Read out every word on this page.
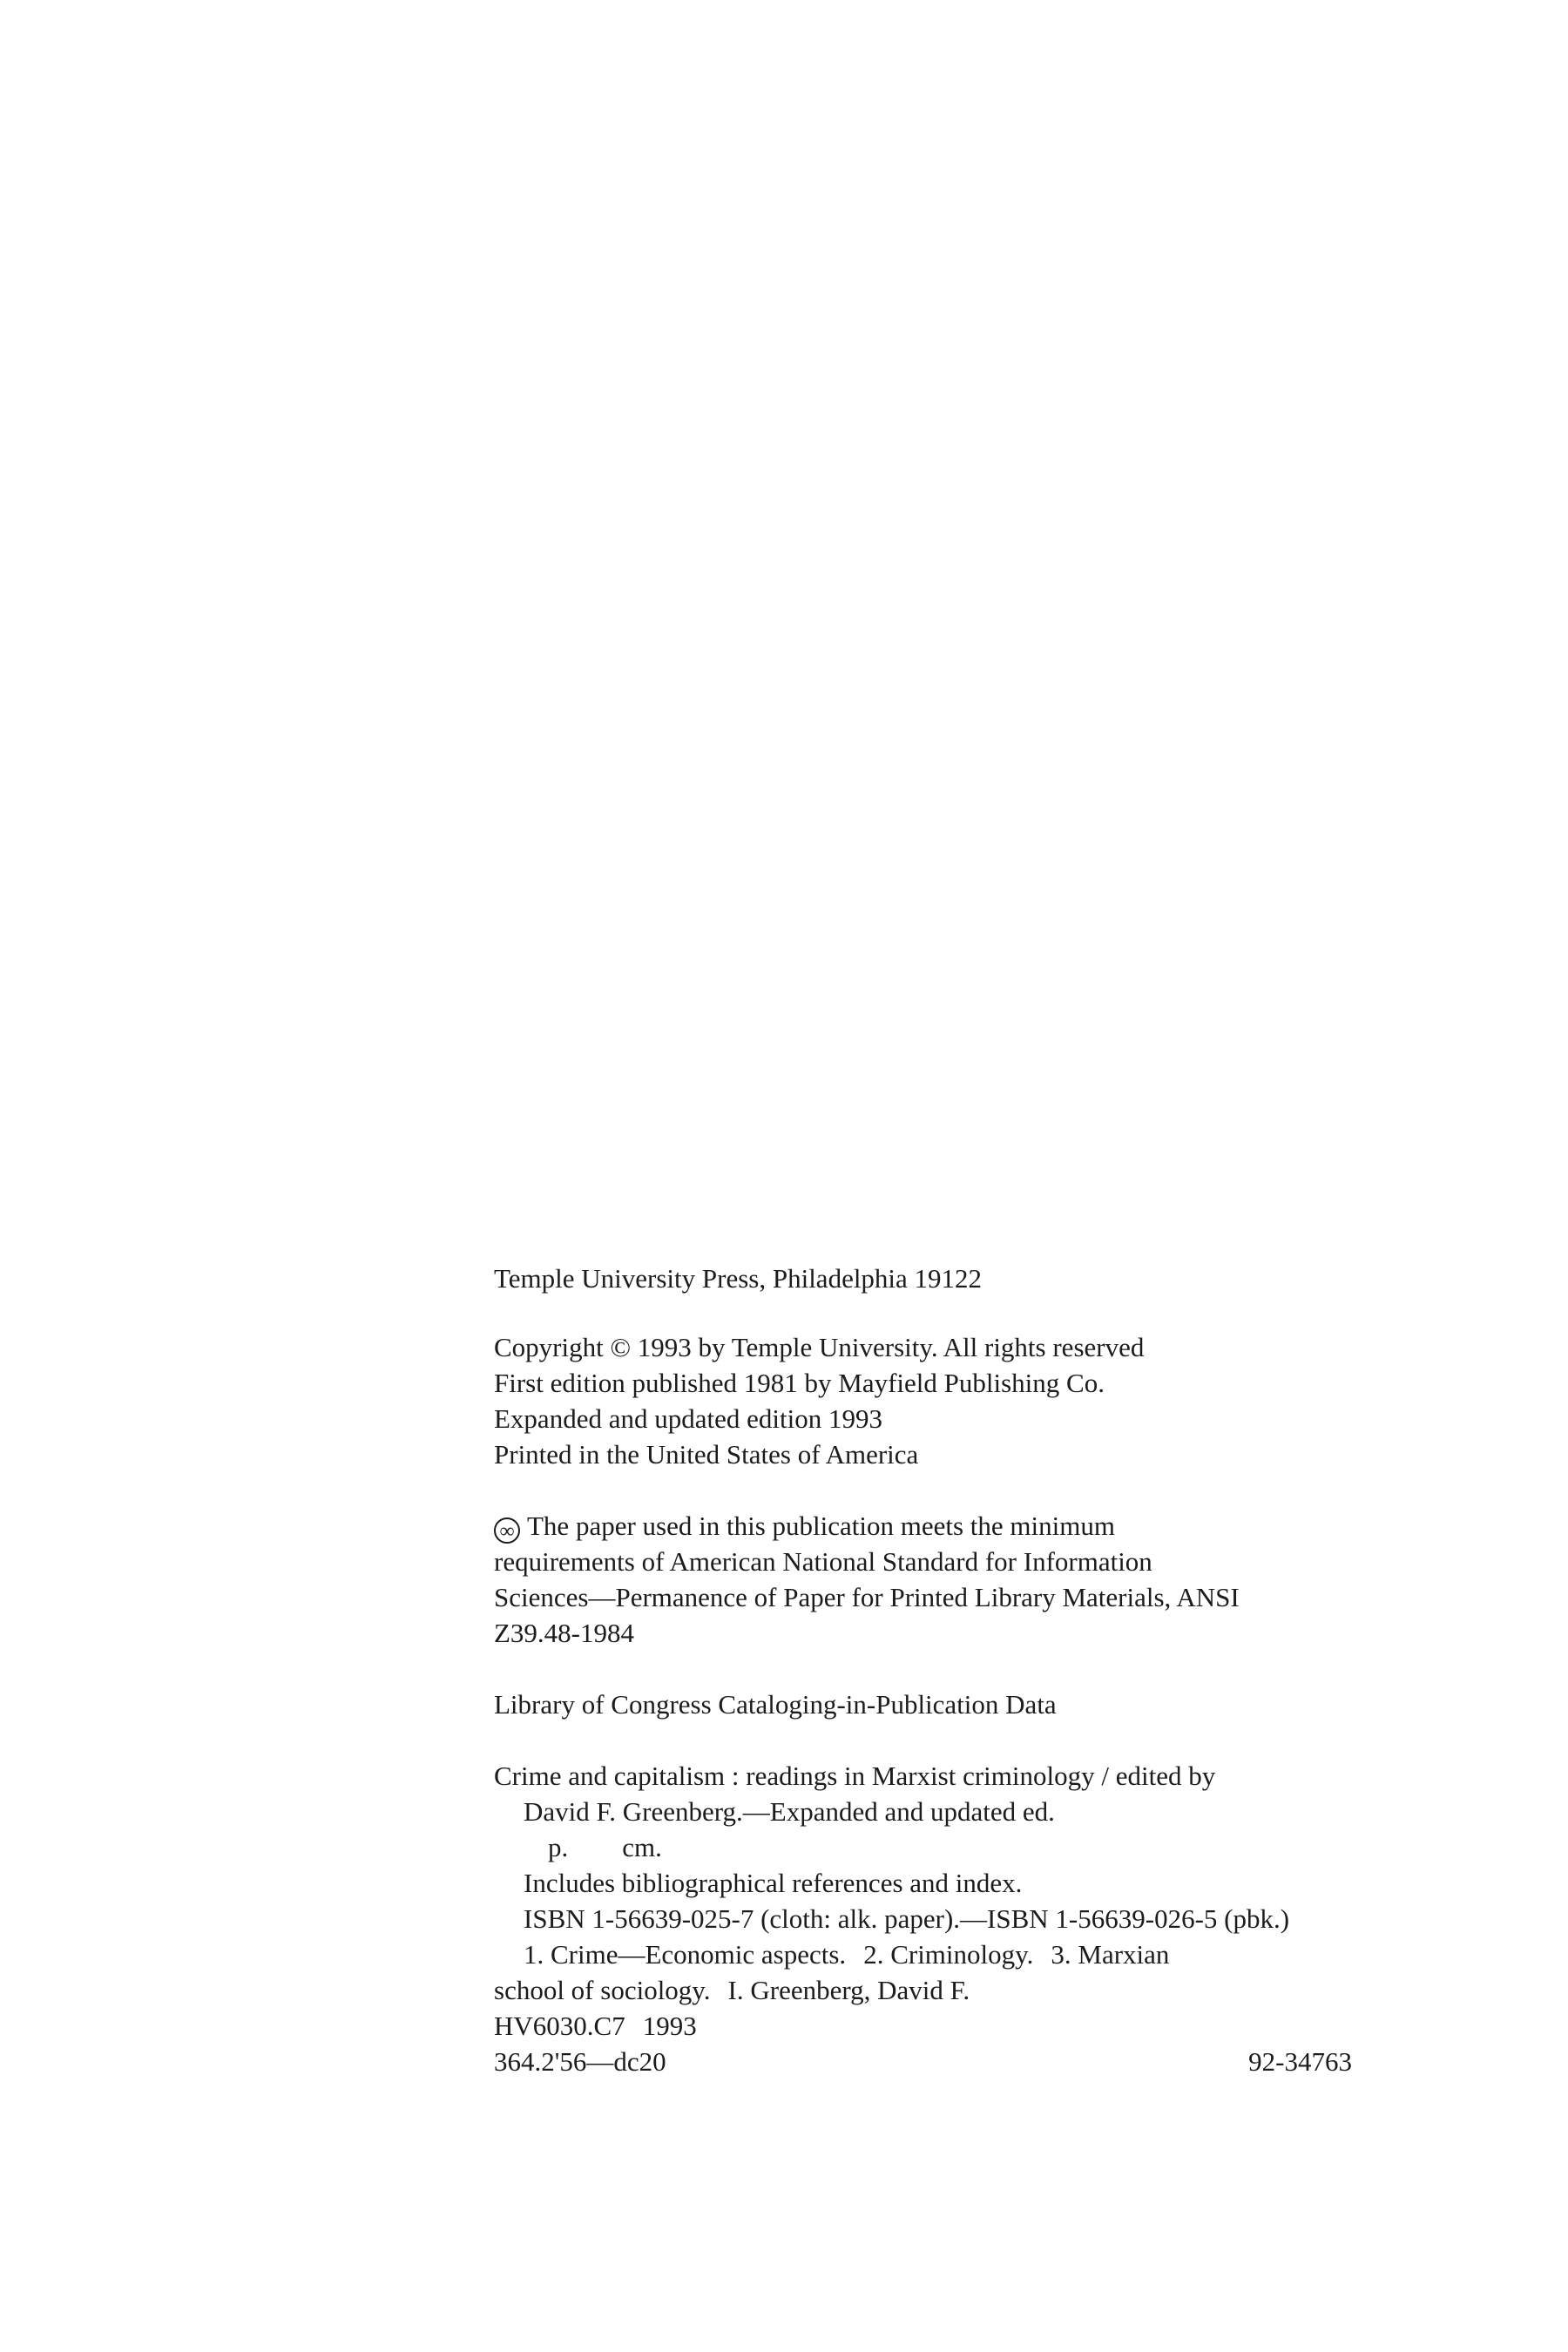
Temple University Press, Philadelphia 19122
Copyright © 1993 by Temple University. All rights reserved
First edition published 1981 by Mayfield Publishing Co.
Expanded and updated edition 1993
Printed in the United States of America
∞ The paper used in this publication meets the minimum
requirements of American National Standard for Information
Sciences—Permanence of Paper for Printed Library Materials, ANSI
Z39.48-1984
Library of Congress Cataloging-in-Publication Data
Crime and capitalism : readings in Marxist criminology / edited by
David F. Greenberg.—Expanded and updated ed.
p. cm.
Includes bibliographical references and index.
ISBN 1-56639-025-7 (cloth: alk. paper).—ISBN 1-56639-026-5 (pbk.)
1. Crime—Economic aspects. 2. Criminology. 3. Marxian
school of sociology. I. Greenberg, David F.
HV6030.C7 1993
364.2'56—dc20	92-34763
